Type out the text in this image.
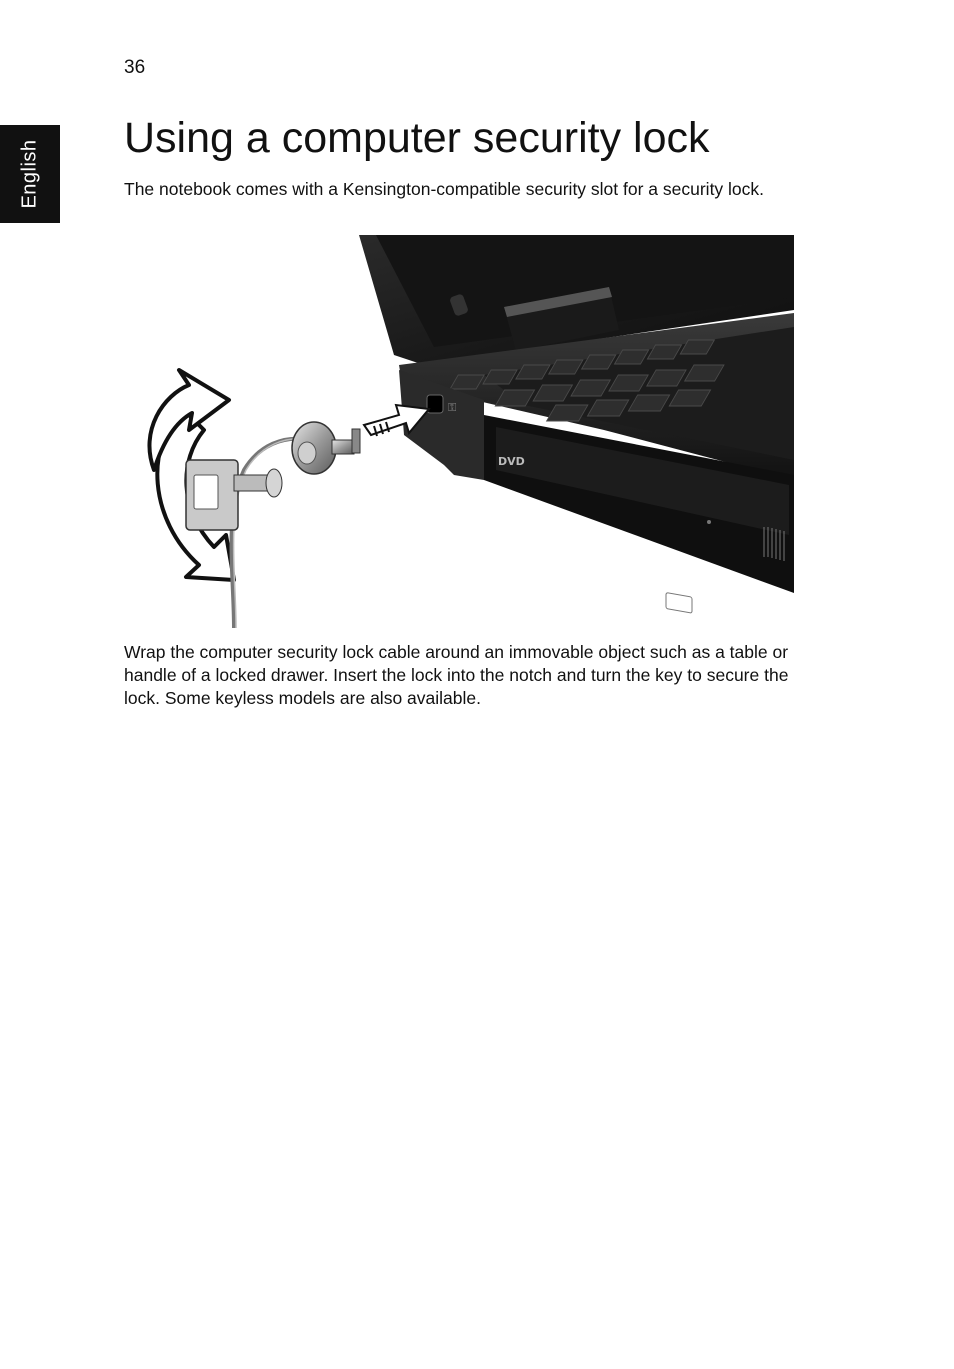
36
English
Using a computer security lock

The notebook comes with a Kensington-compatible security slot for a security lock.

⚿
DVD

Wrap the computer security lock cable around an immovable object such as a table or handle of a locked drawer. Insert the lock into the notch and turn the key to secure the lock. Some keyless models are also available.
